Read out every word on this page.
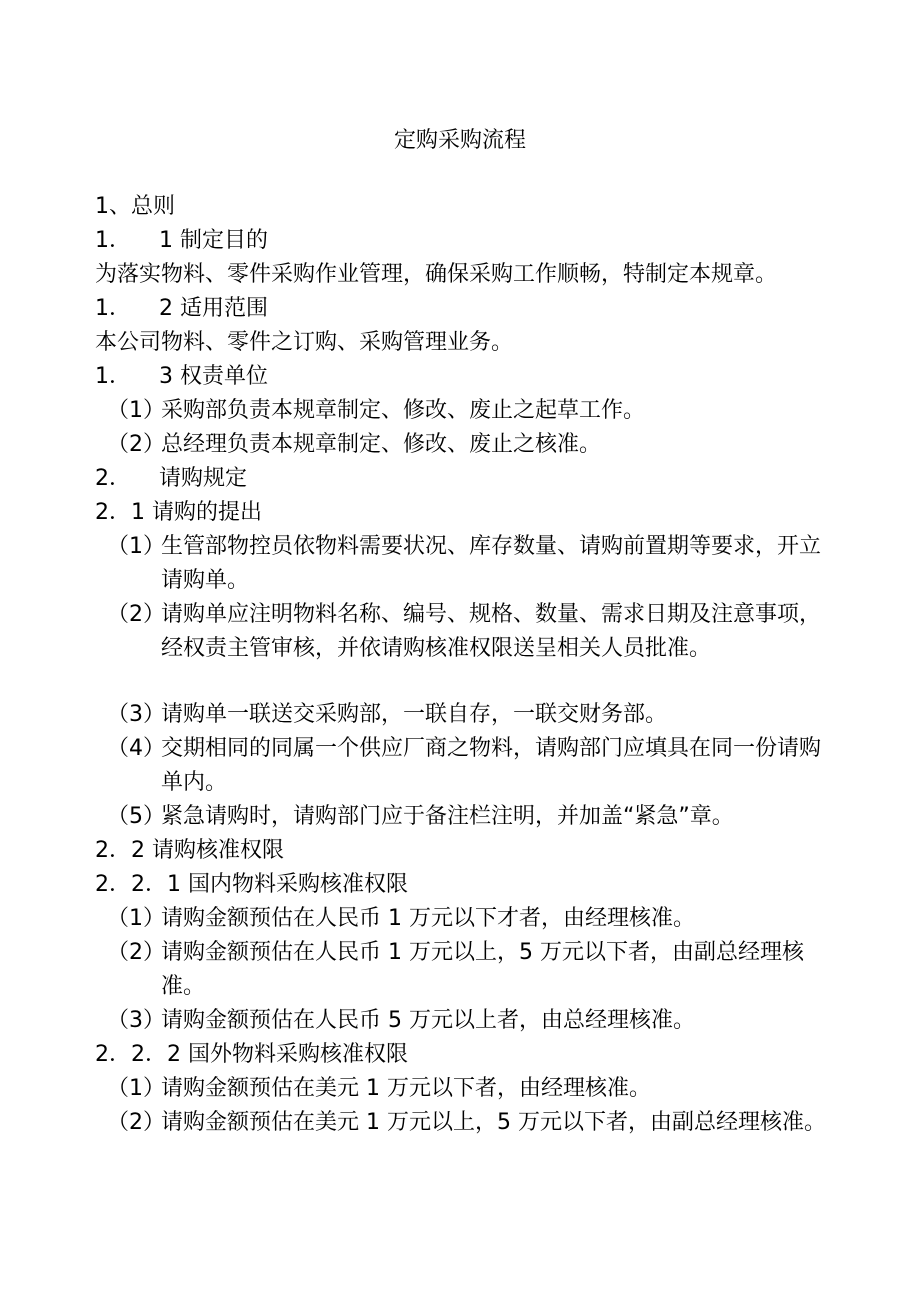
定购采购流程
1、总则
1．    1 制定目的
为落实物料、零件采购作业管理，确保采购工作顺畅，特制定本规章。
1．    2 适用范围
本公司物料、零件之订购、采购管理业务。
1．    3 权责单位
（1）
采购部负责本规章制定、修改、废止之起草工作。
（2）
总经理负责本规章制定、修改、废止之核准。
2．    请购规定
2．1 请购的提出
（1）
生管部物控员依物料需要状况、库存数量、请购前置期等要求，开立请购单。
（2）
请购单应注明物料名称、编号、规格、数量、需求日期及注意事项，经权责主管审核，并依请购核准权限送呈相关人员批准。
（3）
请购单一联送交采购部，一联自存，一联交财务部。
（4）
交期相同的同属一个供应厂商之物料，请购部门应填具在同一份请购单内。
（5）
紧急请购时，请购部门应于备注栏注明，并加盖“紧急”章。
2．2 请购核准权限
2．2．1 国内物料采购核准权限
（1）
请购金额预估在人民币 1 万元以下才者，由经理核准。
（2）
请购金额预估在人民币 1 万元以上，5 万元以下者，由副总经理核准。
（3）
请购金额预估在人民币 5 万元以上者，由总经理核准。
2．2．2 国外物料采购核准权限
（1）
请购金额预估在美元 1 万元以下者，由经理核准。
（2）
请购金额预估在美元 1 万元以上，5 万元以下者，由副总经理核准。
